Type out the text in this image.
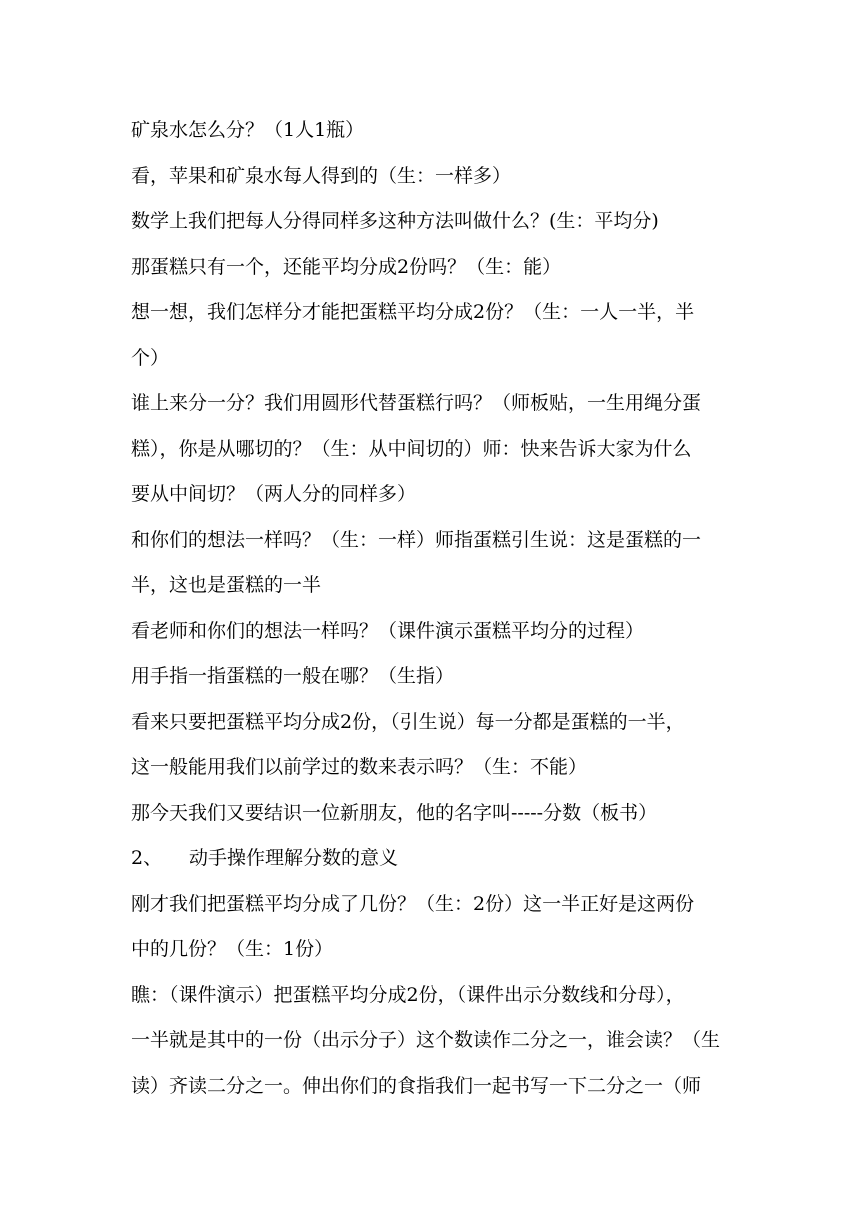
矿泉水怎么分？（1人1瓶）

看，苹果和矿泉水每人得到的（生：一样多）

数学上我们把每人分得同样多这种方法叫做什么？(生：平均分)

那蛋糕只有一个，还能平均分成2份吗？（生：能）

想一想，我们怎样分才能把蛋糕平均分成2份？（生：一人一半，半

个）

谁上来分一分？我们用圆形代替蛋糕行吗？（师板贴，一生用绳分蛋

糕），你是从哪切的？（生：从中间切的）师：快来告诉大家为什么

要从中间切？（两人分的同样多）

和你们的想法一样吗？（生：一样）师指蛋糕引生说：这是蛋糕的一

半，这也是蛋糕的一半

看老师和你们的想法一样吗？（课件演示蛋糕平均分的过程）

用手指一指蛋糕的一般在哪？（生指）

看来只要把蛋糕平均分成2份，（引生说）每一分都是蛋糕的一半，

这一般能用我们以前学过的数来表示吗？（生：不能）

那今天我们又要结识一位新朋友，他的名字叫-----分数（板书）

2、 动手操作理解分数的意义

刚才我们把蛋糕平均分成了几份？（生：2份）这一半正好是这两份

中的几份？（生：1份）

瞧：（课件演示）把蛋糕平均分成2份，（课件出示分数线和分母），

一半就是其中的一份（出示分子）这个数读作二分之一，谁会读？（生

读）齐读二分之一。伸出你们的食指我们一起书写一下二分之一（师
